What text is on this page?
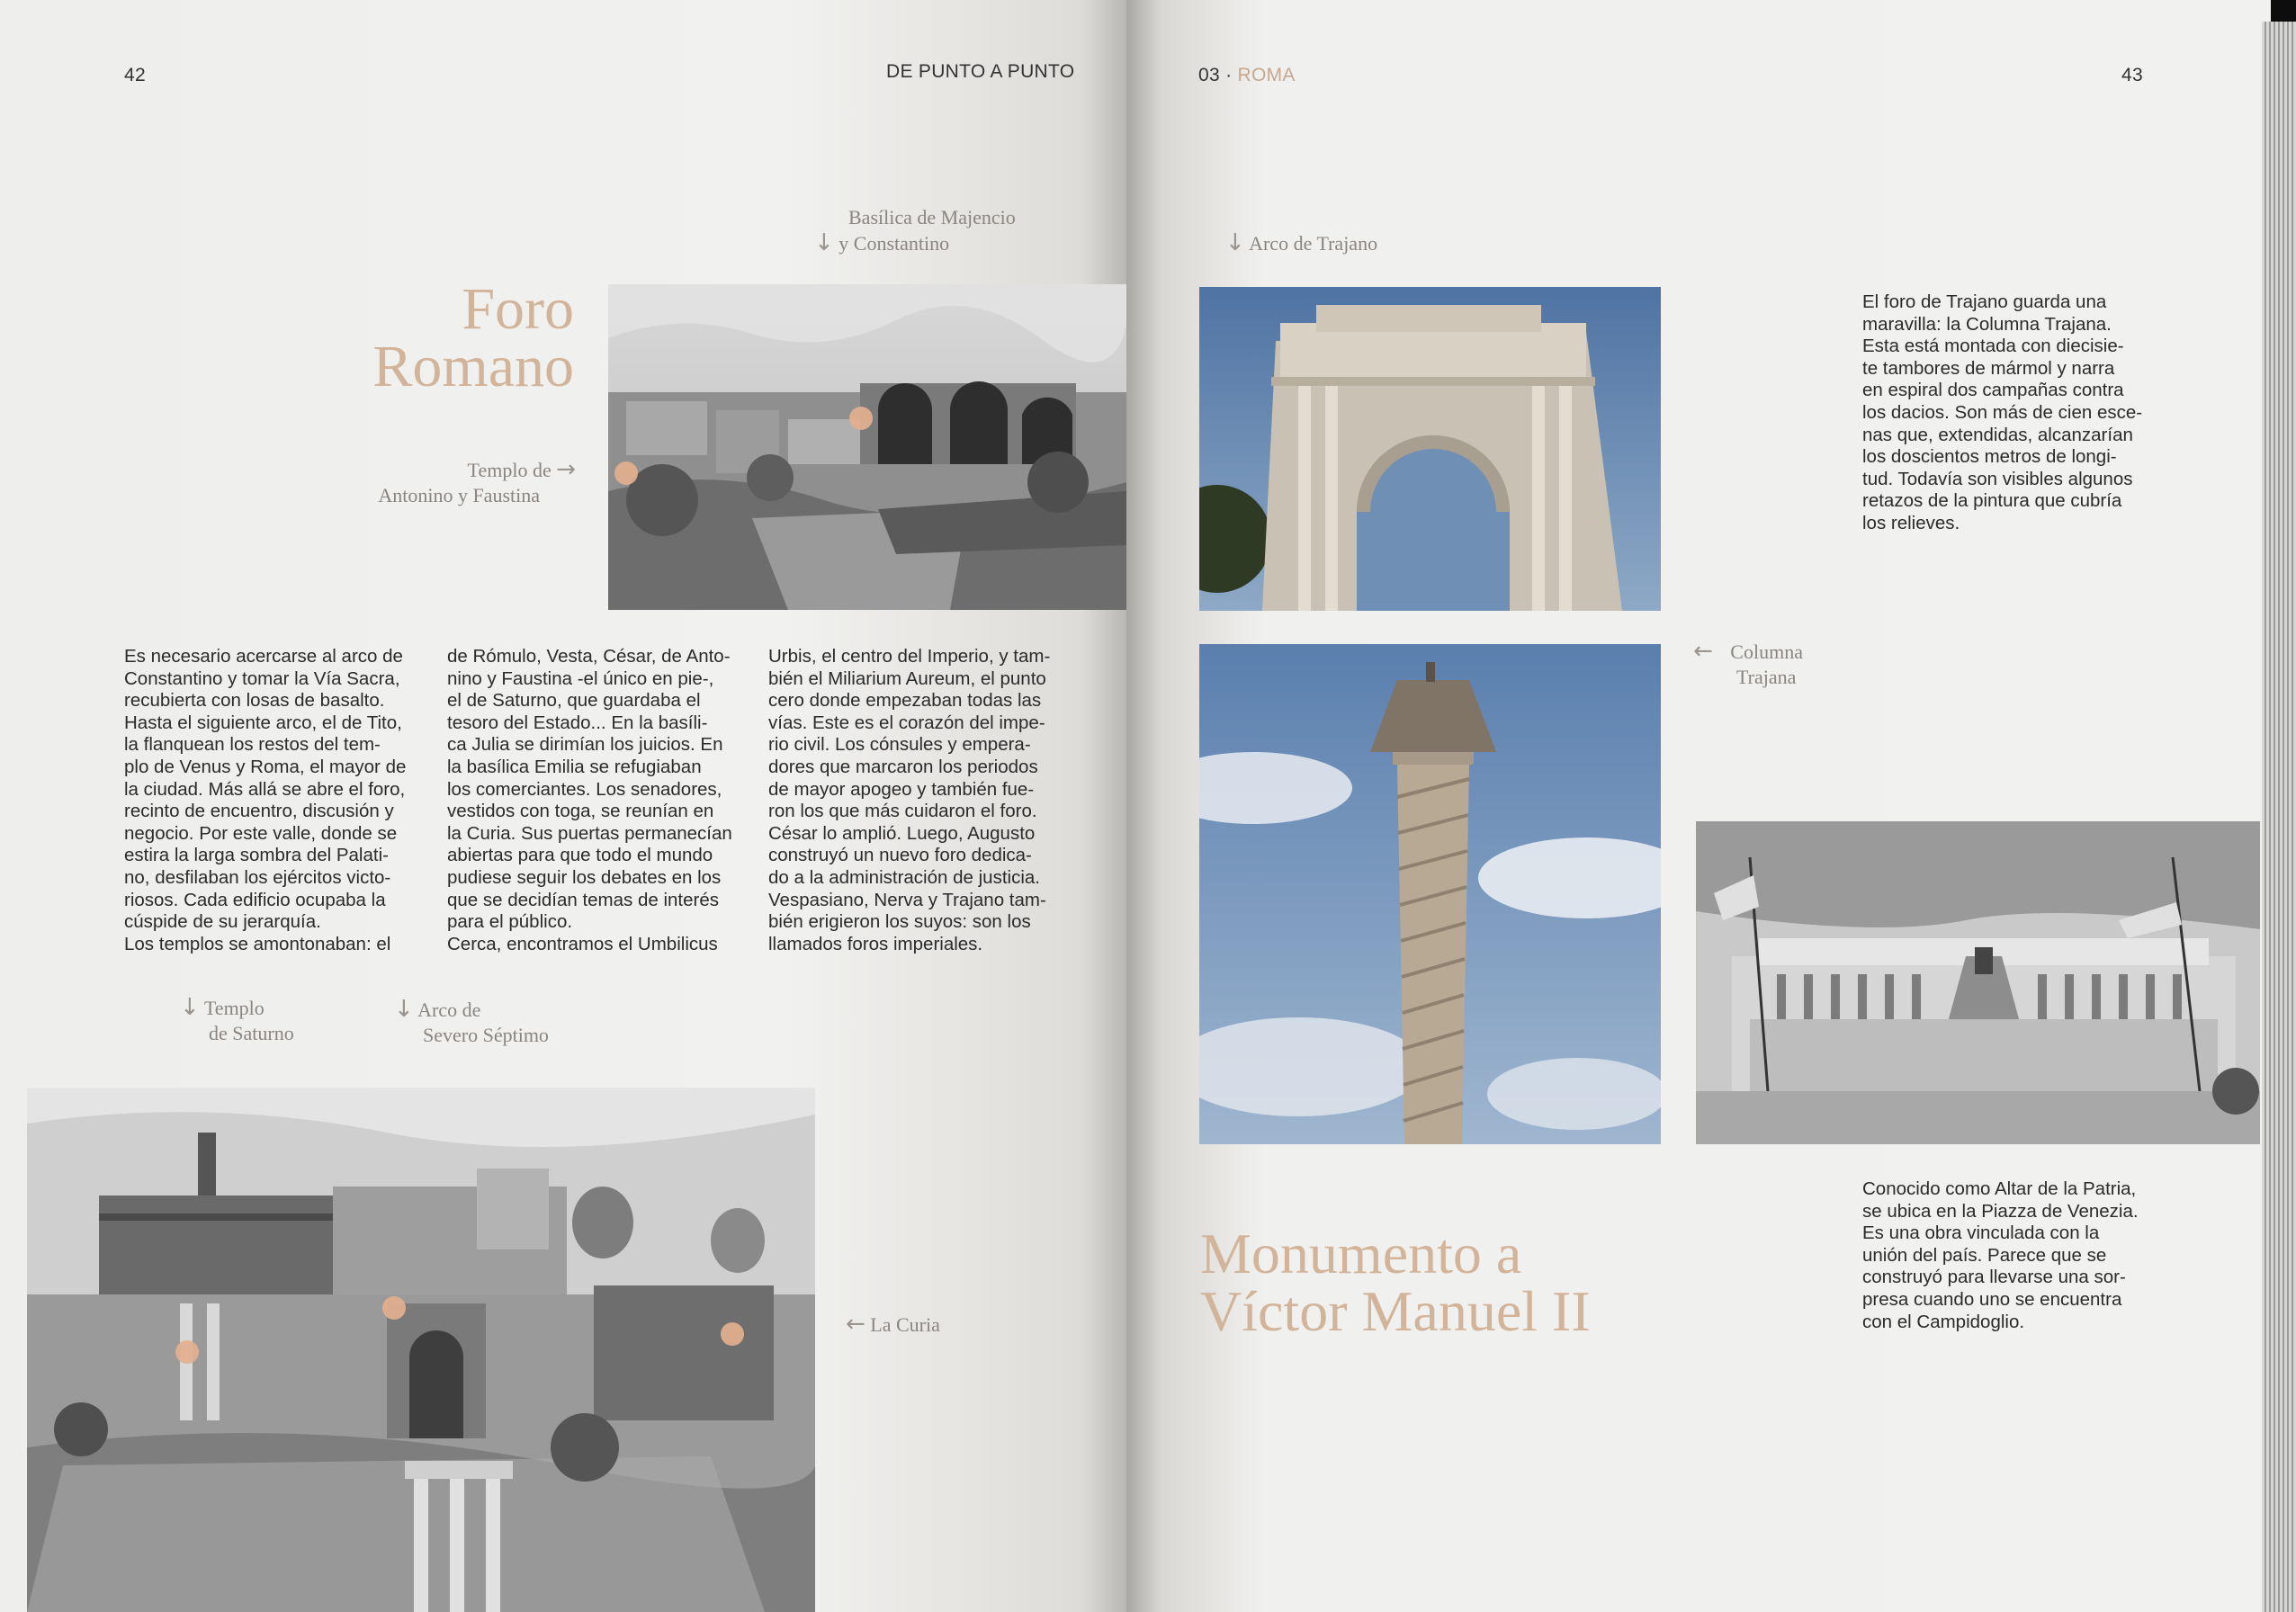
42	DE PUNTO A PUNTO
Basílica de Majencio
↓ y Constantino
Foro
Romano
Templo de →
Antonino y Faustina

Es necesario acercarse al arco de

Constantino y tomar la Vía Sacra,

recubierta con losas de basalto.

Hasta el siguiente arco, el de Tito,

la flanquean los restos del tem-

plo de Venus y Roma, el mayor de

la ciudad. Más allá se abre el foro,

recinto de encuentro, discusión y

negocio. Por este valle, donde se

estira la larga sombra del Palati-

no, desfilaban los ejércitos victo-

riosos. Cada edificio ocupaba la

cúspide de su jerarquía.

Los templos se amontonaban: el

de Rómulo, Vesta, César, de Anto-

nino y Faustina -el único en pie-,

el de Saturno, que guardaba el

tesoro del Estado... En la basíli-

ca Julia se dirimían los juicios. En

la basílica Emilia se refugiaban

los comerciantes. Los senadores,

vestidos con toga, se reunían en

la Curia. Sus puertas permanecían

abiertas para que todo el mundo

pudiese seguir los debates en los

que se decidían temas de interés

para el público.

Cerca, encontramos el Umbilicus

Urbis, el centro del Imperio, y tam-

bién el Miliarium Aureum, el punto

cero donde empezaban todas las

vías. Este es el corazón del impe-

rio civil. Los cónsules y empera-

dores que marcaron los periodos

de mayor apogeo y también fue-

ron los que más cuidaron el foro.

César lo amplió. Luego, Augusto

construyó un nuevo foro dedica-

do a la administración de justicia.

Vespasiano, Nerva y Trajano tam-

bién erigieron los suyos: son los

llamados foros imperiales.

↓ Templo
de Saturno
↓ Arco de
Severo Séptimo
← La Curia
03 · ROMA	43
↓ Arco de Trajano

El foro de Trajano guarda una

maravilla: la Columna Trajana.

Esta está montada con diecisie-

te tambores de mármol y narra

en espiral dos campañas contra

los dacios. Son más de cien esce-

nas que, extendidas, alcanzarían

los doscientos metros de longi-

tud. Todavía son visibles algunos

retazos de la pintura que cubría

los relieves.

← Columna
Trajana
Monumento a
Víctor Manuel II

Conocido como Altar de la Patria,

se ubica en la Piazza de Venezia.

Es una obra vinculada con la

unión del país. Parece que se

construyó para llevarse una sor-

presa cuando uno se encuentra

con el Campidoglio.
